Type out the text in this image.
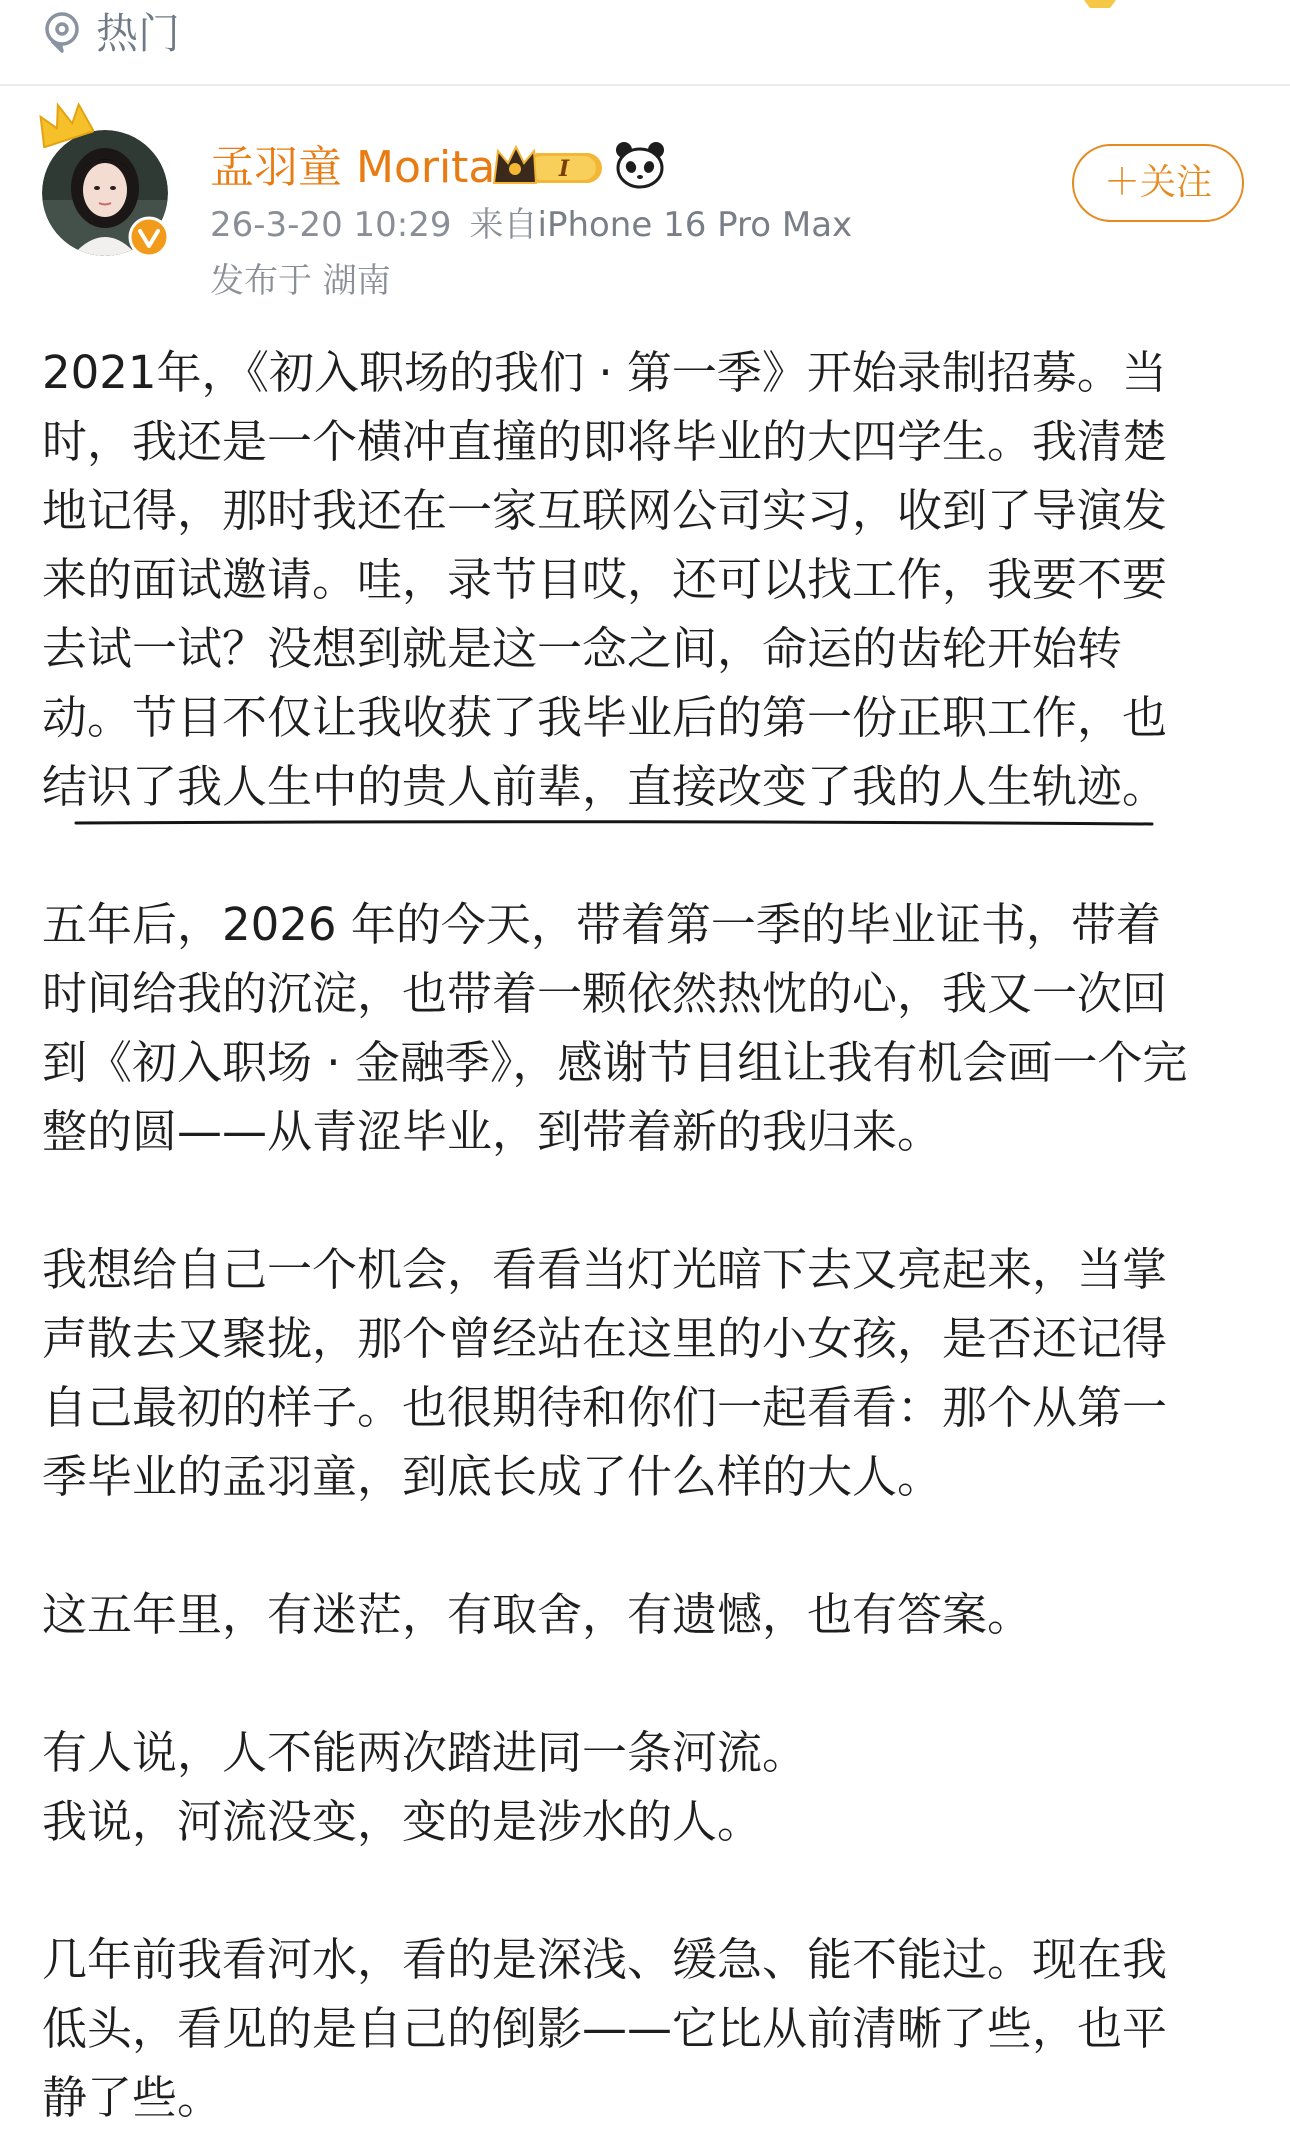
热门
孟羽童 Morita	I
26-3-20 10:29 来自iPhone 16 Pro Max
发布于 湖南
＋关注

2021年，《初入职场的我们 · 第一季》开始录制招募。当
时，我还是一个横冲直撞的即将毕业的大四学生。我清楚
地记得，那时我还在一家互联网公司实习，收到了导演发
来的面试邀请。哇，录节目哎，还可以找工作，我要不要
去试一试？没想到就是这一念之间，命运的齿轮开始转
动。节目不仅让我收获了我毕业后的第一份正职工作，也
结识了我人生中的贵人前辈，直接改变了我的人生轨迹。

五年后，2026 年的今天，带着第一季的毕业证书，带着
时间给我的沉淀，也带着一颗依然热忱的心，我又一次回
到《初入职场 · 金融季》，感谢节目组让我有机会画一个完
整的圆——从青涩毕业，到带着新的我归来。

我想给自己一个机会，看看当灯光暗下去又亮起来，当掌
声散去又聚拢，那个曾经站在这里的小女孩，是否还记得
自己最初的样子。也很期待和你们一起看看：那个从第一
季毕业的孟羽童，到底长成了什么样的大人。

这五年里，有迷茫，有取舍，有遗憾，也有答案。

有人说，人不能两次踏进同一条河流。
我说，河流没变，变的是涉水的人。

几年前我看河水，看的是深浅、缓急、能不能过。现在我
低头，看见的是自己的倒影——它比从前清晰了些，也平
静了些。
